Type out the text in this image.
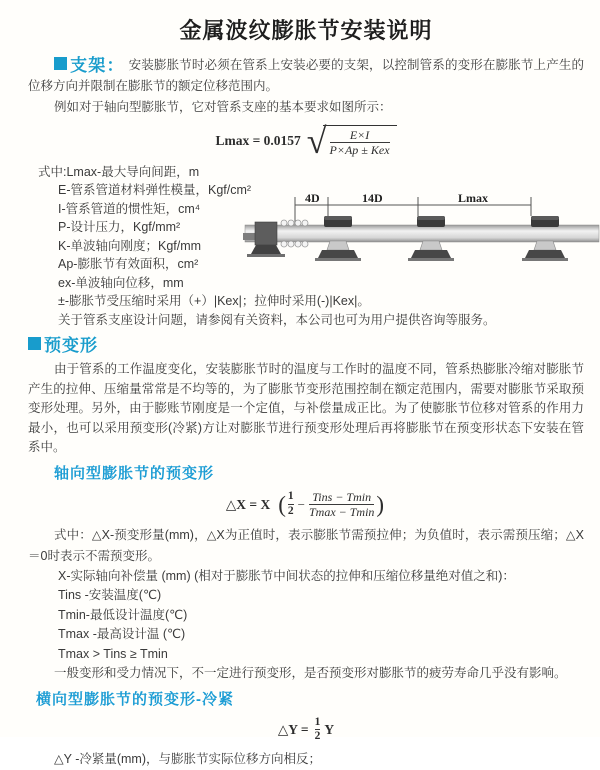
金属波纹膨胀节安装说明

支架： 安装膨胀节时必须在管系上安装必要的支架，以控制管系的变形在膨胀节上产生的位移方向并限制在膨胀节的额定位移范围内。

例如对于轴向型膨胀节，它对管系支座的基本要求如图所示：

Lmax = 0.0157 √ $\frac{E\times I}{\text{P×Ap ± Kex}}$
式中:Lmax-最大导向间距，m
E-管系管道材料弹性模量，Kgf/cm²
I-管系管道的惯性矩，cm⁴
P-设计压力，Kgf/mm²
K-单波轴向刚度；Kgf/mm
Ap-膨胀节有效面积，cm²
ex-单波轴向位移，mm
±-膨胀节受压缩时采用（+）|Kex|；拉伸时采用(-)|Kex|。
关于管系支座设计问题，请参阅有关资料，本公司也可为用户提供咨询等服务。
预变形

由于管系的工作温度变化，安装膨胀节时的温度与工作时的温度不同，管系热膨胀冷缩对膨胀节产生的拉伸、压缩量常常是不均等的，为了膨胀节变形范围控制在额定范围内，需要对膨胀节采取预变形处理。另外，由于膨账节刚度是一个定值，与补偿量成正比。为了使膨胀节位移对管系的作用力最小，也可以采用预变形(冷紧)方让对膨胀节进行预变形处理后再将膨胀节在预变形状态下安装在管系中。

轴向型膨胀节的预变形
△X = X ( $\frac{1}{2} - \frac{\text{Tins − Tmin}}{Tmax - Tmin}$ )

式中：△X-预变形量(mm)，△X为正值时，表示膨胀节需预拉伸；为负值时，表示需预压缩；△X＝0时表示不需预变形。

X-实际轴向补偿量 (mm) (相对于膨胀节中间状态的拉伸和压缩位移量绝对值之和)：
Tins -安装温度(℃)
Tmin-最低设计温度(℃)
Tmax -最高设计温 (℃)
Tmax > Tins ≥ Tmin
一般变形和受力情况下，不一定进行预变形，是否预变形对膨胀节的疲劳寿命几乎没有影响。
横向型膨胀节的预变形-冷紧
△Y = $\frac{1}{2}$ Y

△Y -冷紧量(mm)，与膨胀节实际位移方向相反；

4D	14D	Lmax
